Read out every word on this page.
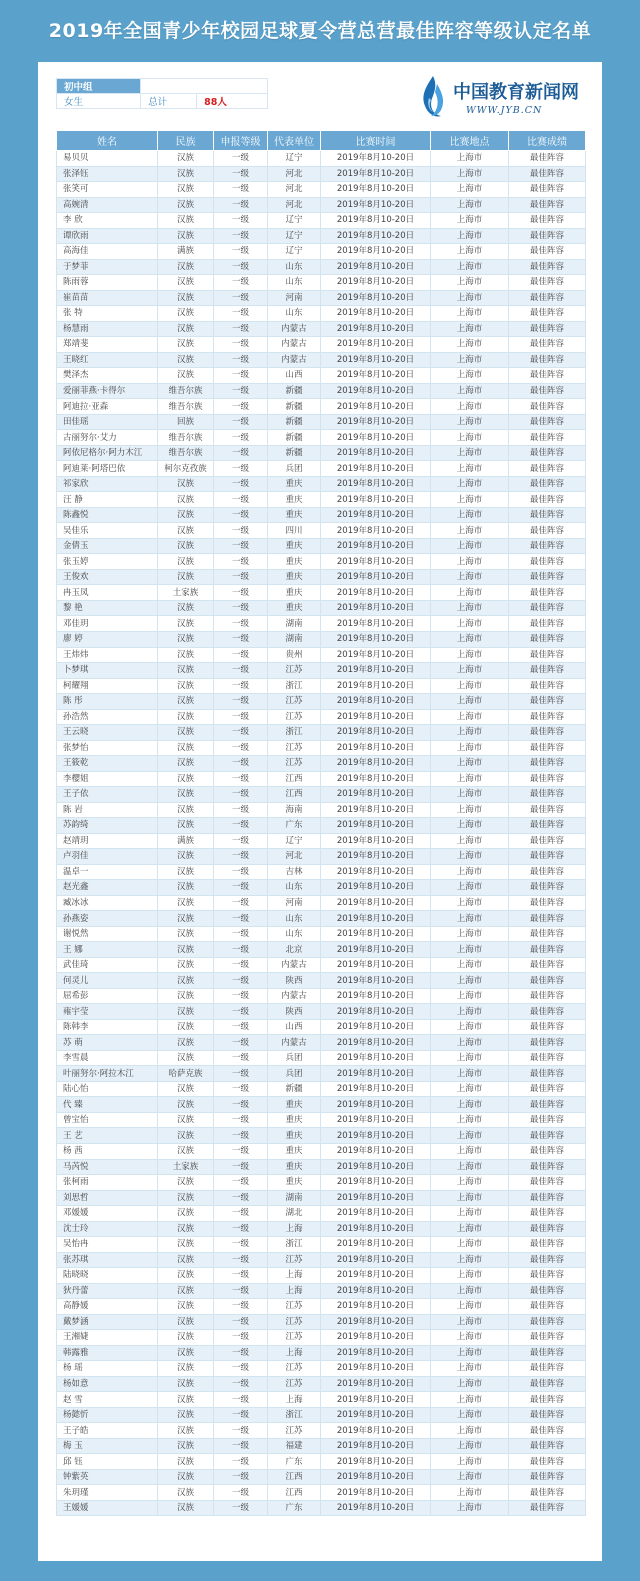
2019年全国青少年校园足球夏令营总营最佳阵容等级认定名单
初中组		
女生	总计	88人	中国教育新闻网
WWW.JYB.CN
姓名	民族	申报等级	代表单位	比赛时间	比赛地点	比赛成绩
易贝贝	汉族	一级	辽宁	2019年8月10-20日	上海市	最佳阵容
张泽钰	汉族	一级	河北	2019年8月10-20日	上海市	最佳阵容
张笑可	汉族	一级	河北	2019年8月10-20日	上海市	最佳阵容
高婉清	汉族	一级	河北	2019年8月10-20日	上海市	最佳阵容
李 欣	汉族	一级	辽宁	2019年8月10-20日	上海市	最佳阵容
谭欣雨	汉族	一级	辽宁	2019年8月10-20日	上海市	最佳阵容
高海佳	满族	一级	辽宁	2019年8月10-20日	上海市	最佳阵容
于梦菲	汉族	一级	山东	2019年8月10-20日	上海市	最佳阵容
陈雨蓉	汉族	一级	山东	2019年8月10-20日	上海市	最佳阵容
崔苗苗	汉族	一级	河南	2019年8月10-20日	上海市	最佳阵容
张 特	汉族	一级	山东	2019年8月10-20日	上海市	最佳阵容
杨慧雨	汉族	一级	内蒙古	2019年8月10-20日	上海市	最佳阵容
郑靖斐	汉族	一级	内蒙古	2019年8月10-20日	上海市	最佳阵容
王晓红	汉族	一级	内蒙古	2019年8月10-20日	上海市	最佳阵容
樊泽杰	汉族	一级	山西	2019年8月10-20日	上海市	最佳阵容
爱丽菲燕·卡得尔	维吾尔族	一级	新疆	2019年8月10-20日	上海市	最佳阵容
阿迪拉·亚森	维吾尔族	一级	新疆	2019年8月10-20日	上海市	最佳阵容
田佳瑶	回族	一级	新疆	2019年8月10-20日	上海市	最佳阵容
古丽努尔·艾力	维吾尔族	一级	新疆	2019年8月10-20日	上海市	最佳阵容
阿依尼格尔·阿力木江	维吾尔族	一级	新疆	2019年8月10-20日	上海市	最佳阵容
阿迪莱·阿塔巴依	柯尔克孜族	一级	兵团	2019年8月10-20日	上海市	最佳阵容
祁家欣	汉族	一级	重庆	2019年8月10-20日	上海市	最佳阵容
汪 静	汉族	一级	重庆	2019年8月10-20日	上海市	最佳阵容
陈鑫悦	汉族	一级	重庆	2019年8月10-20日	上海市	最佳阵容
吴佳乐	汉族	一级	四川	2019年8月10-20日	上海市	最佳阵容
金倩玉	汉族	一级	重庆	2019年8月10-20日	上海市	最佳阵容
张玉婷	汉族	一级	重庆	2019年8月10-20日	上海市	最佳阵容
王俊欢	汉族	一级	重庆	2019年8月10-20日	上海市	最佳阵容
冉玉凤	土家族	一级	重庆	2019年8月10-20日	上海市	最佳阵容
黎 艳	汉族	一级	重庆	2019年8月10-20日	上海市	最佳阵容
邓佳玥	汉族	一级	湖南	2019年8月10-20日	上海市	最佳阵容
廖 婷	汉族	一级	湖南	2019年8月10-20日	上海市	最佳阵容
王炜炜	汉族	一级	贵州	2019年8月10-20日	上海市	最佳阵容
卜梦琪	汉族	一级	江苏	2019年8月10-20日	上海市	最佳阵容
柯耀翔	汉族	一级	浙江	2019年8月10-20日	上海市	最佳阵容
陈 彤	汉族	一级	江苏	2019年8月10-20日	上海市	最佳阵容
孙浩然	汉族	一级	江苏	2019年8月10-20日	上海市	最佳阵容
王云晓	汉族	一级	浙江	2019年8月10-20日	上海市	最佳阵容
张梦怡	汉族	一级	江苏	2019年8月10-20日	上海市	最佳阵容
王筱乾	汉族	一级	江苏	2019年8月10-20日	上海市	最佳阵容
李樱姐	汉族	一级	江西	2019年8月10-20日	上海市	最佳阵容
王子依	汉族	一级	江西	2019年8月10-20日	上海市	最佳阵容
陈 岩	汉族	一级	海南	2019年8月10-20日	上海市	最佳阵容
苏韵绮	汉族	一级	广东	2019年8月10-20日	上海市	最佳阵容
赵靖玥	满族	一级	辽宁	2019年8月10-20日	上海市	最佳阵容
卢羽佳	汉族	一级	河北	2019年8月10-20日	上海市	最佳阵容
温卓一	汉族	一级	吉林	2019年8月10-20日	上海市	最佳阵容
赵光鑫	汉族	一级	山东	2019年8月10-20日	上海市	最佳阵容
臧冰冰	汉族	一级	河南	2019年8月10-20日	上海市	最佳阵容
孙燕姿	汉族	一级	山东	2019年8月10-20日	上海市	最佳阵容
谢悦然	汉族	一级	山东	2019年8月10-20日	上海市	最佳阵容
王 娜	汉族	一级	北京	2019年8月10-20日	上海市	最佳阵容
武佳琦	汉族	一级	内蒙古	2019年8月10-20日	上海市	最佳阵容
何灵儿	汉族	一级	陕西	2019年8月10-20日	上海市	最佳阵容
屈希彭	汉族	一级	内蒙古	2019年8月10-20日	上海市	最佳阵容
雍宇莹	汉族	一级	陕西	2019年8月10-20日	上海市	最佳阵容
陈韩李	汉族	一级	山西	2019年8月10-20日	上海市	最佳阵容
苏 萌	汉族	一级	内蒙古	2019年8月10-20日	上海市	最佳阵容
李雪晨	汉族	一级	兵团	2019年8月10-20日	上海市	最佳阵容
叶丽努尔·阿拉木江	哈萨克族	一级	兵团	2019年8月10-20日	上海市	最佳阵容
陆心怡	汉族	一级	新疆	2019年8月10-20日	上海市	最佳阵容
代 臻	汉族	一级	重庆	2019年8月10-20日	上海市	最佳阵容
曾宝怡	汉族	一级	重庆	2019年8月10-20日	上海市	最佳阵容
王 艺	汉族	一级	重庆	2019年8月10-20日	上海市	最佳阵容
杨 茜	汉族	一级	重庆	2019年8月10-20日	上海市	最佳阵容
马芮悦	土家族	一级	重庆	2019年8月10-20日	上海市	最佳阵容
张柯雨	汉族	一级	重庆	2019年8月10-20日	上海市	最佳阵容
刘思哲	汉族	一级	湖南	2019年8月10-20日	上海市	最佳阵容
邓媛媛	汉族	一级	湖北	2019年8月10-20日	上海市	最佳阵容
沈士玲	汉族	一级	上海	2019年8月10-20日	上海市	最佳阵容
吴怡冉	汉族	一级	浙江	2019年8月10-20日	上海市	最佳阵容
张苏琪	汉族	一级	江苏	2019年8月10-20日	上海市	最佳阵容
陆晓晓	汉族	一级	上海	2019年8月10-20日	上海市	最佳阵容
狄丹蕾	汉族	一级	上海	2019年8月10-20日	上海市	最佳阵容
高静媛	汉族	一级	江苏	2019年8月10-20日	上海市	最佳阵容
戴梦涵	汉族	一级	江苏	2019年8月10-20日	上海市	最佳阵容
王湘婕	汉族	一级	江苏	2019年8月10-20日	上海市	最佳阵容
韩露雅	汉族	一级	上海	2019年8月10-20日	上海市	最佳阵容
杨 瑶	汉族	一级	江苏	2019年8月10-20日	上海市	最佳阵容
杨如意	汉族	一级	江苏	2019年8月10-20日	上海市	最佳阵容
赵 雪	汉族	一级	上海	2019年8月10-20日	上海市	最佳阵容
杨懿忻	汉族	一级	浙江	2019年8月10-20日	上海市	最佳阵容
王子皓	汉族	一级	江苏	2019年8月10-20日	上海市	最佳阵容
梅 玉	汉族	一级	福建	2019年8月10-20日	上海市	最佳阵容
邱 钰	汉族	一级	广东	2019年8月10-20日	上海市	最佳阵容
钟紫英	汉族	一级	江西	2019年8月10-20日	上海市	最佳阵容
朱玥瑾	汉族	一级	江西	2019年8月10-20日	上海市	最佳阵容
王媛媛	汉族	一级	广东	2019年8月10-20日	上海市	最佳阵容
